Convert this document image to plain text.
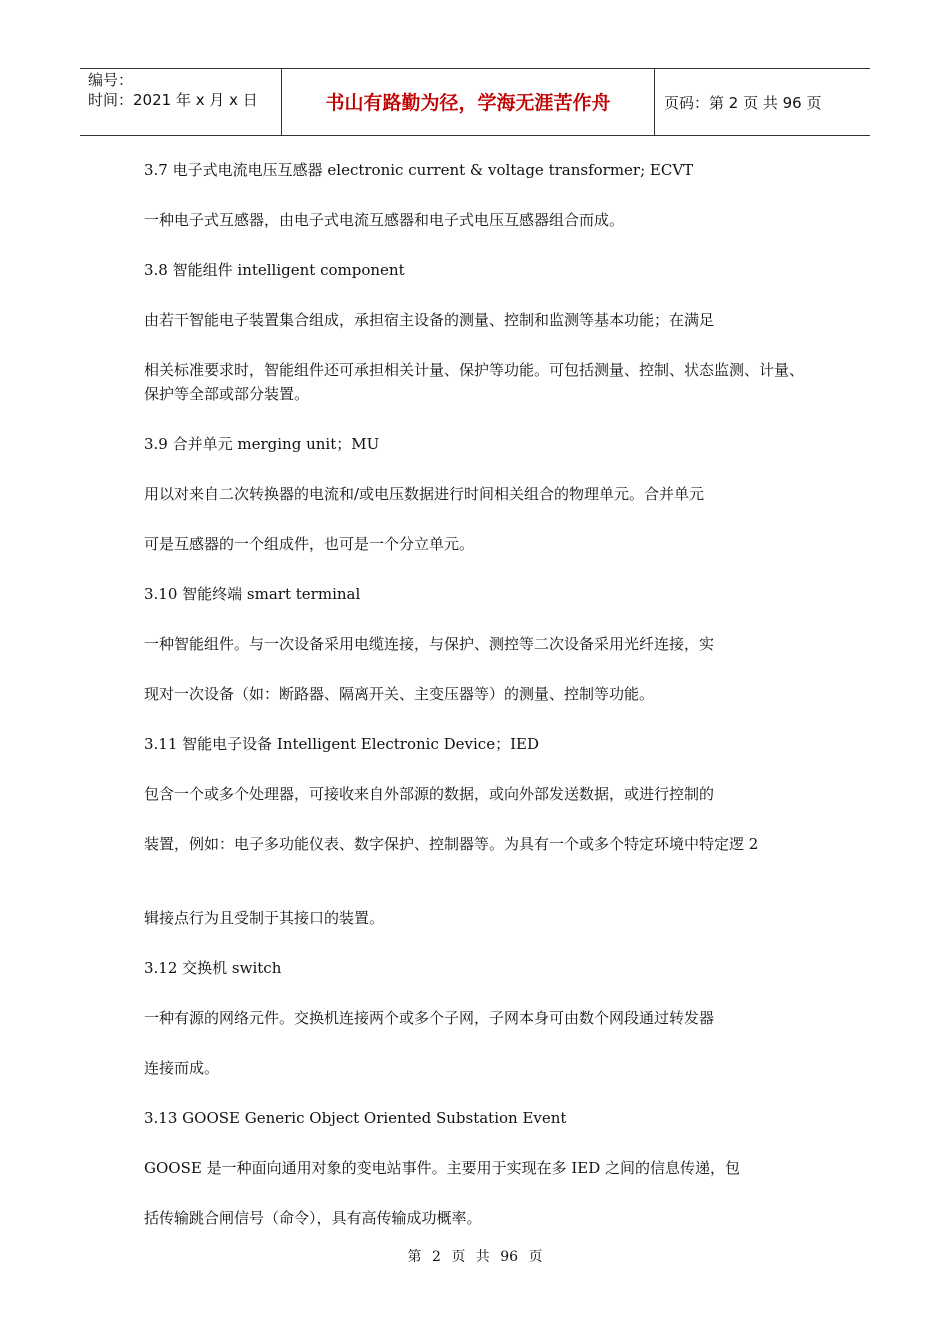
编号：
时间：2021 年 x 月 x 日	书山有路勤为径，学海无涯苦作舟	页码：第 2 页 共 96 页
3.7 电子式电流电压互感器 electronic current & voltage transformer; ECVT
一种电子式互感器，由电子式电流互感器和电子式电压互感器组合而成。
3.8 智能组件 intelligent component
由若干智能电子装置集合组成，承担宿主设备的测量、控制和监测等基本功能；在满足
相关标准要求时，智能组件还可承担相关计量、保护等功能。可包括测量、控制、状态监测、计量、保护等全部或部分装置。
3.9 合并单元 merging unit；MU
用以对来自二次转换器的电流和/或电压数据进行时间相关组合的物理单元。合并单元
可是互感器的一个组成件，也可是一个分立单元。
3.10 智能终端 smart terminal
一种智能组件。与一次设备采用电缆连接，与保护、测控等二次设备采用光纤连接，实
现对一次设备（如：断路器、隔离开关、主变压器等）的测量、控制等功能。
3.11 智能电子设备 Intelligent Electronic Device；IED
包含一个或多个处理器，可接收来自外部源的数据，或向外部发送数据，或进行控制的
装置，例如：电子多功能仪表、数字保护、控制器等。为具有一个或多个特定环境中特定逻 2
辑接点行为且受制于其接口的装置。
3.12 交换机 switch
一种有源的网络元件。交换机连接两个或多个子网，子网本身可由数个网段通过转发器
连接而成。
3.13 GOOSE Generic Object Oriented Substation Event
GOOSE 是一种面向通用对象的变电站事件。主要用于实现在多 IED 之间的信息传递，包
括传输跳合闸信号（命令），具有高传输成功概率。
第 2 页 共 96 页
